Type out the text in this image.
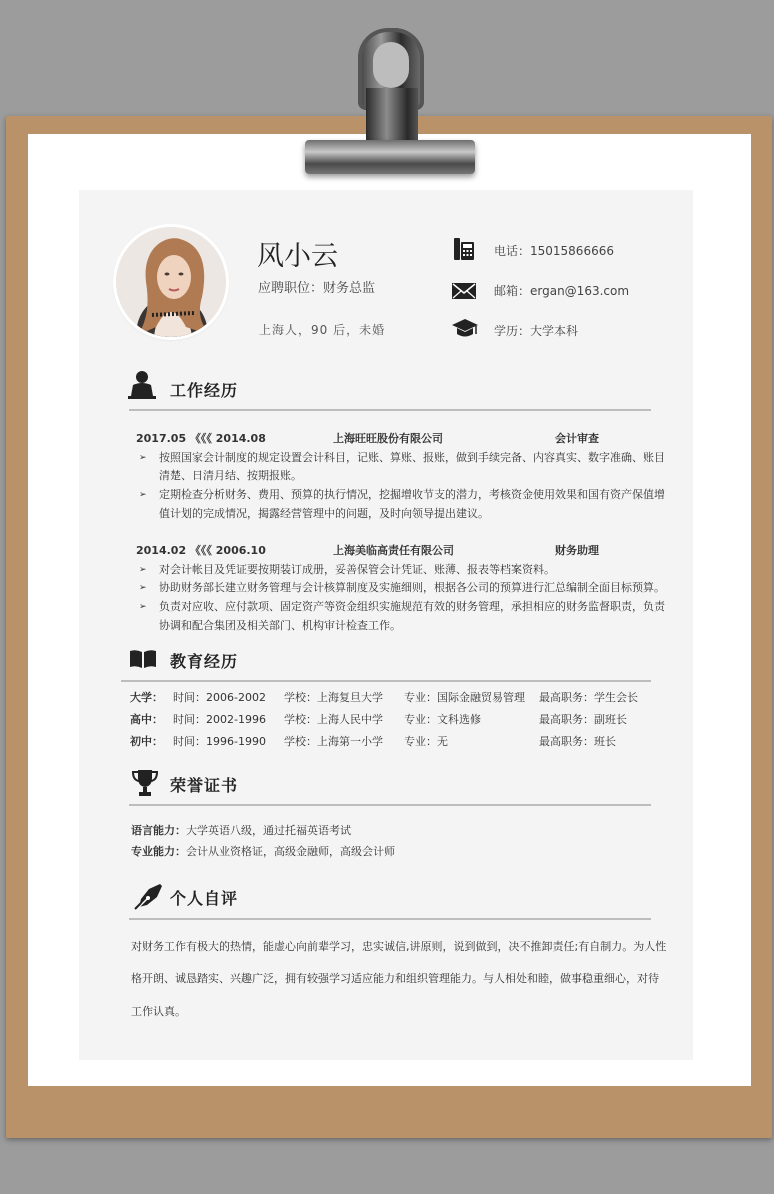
风小云
应聘职位：财务总监
上海人，90 后，未婚
电话：15015866666
邮箱：ergan@163.com
学历：大学本科
工作经历
2017.05 《《《 2014.08	上海旺旺股份有限公司	会计审查
➢ 按照国家会计制度的规定设置会计科目，记账、算账、报账，做到手续完备、内容真实、数字准确、账目
清楚、日清月结、按期报账。
➢ 定期检查分析财务、费用、预算的执行情况，挖掘增收节支的潜力，考核资金使用效果和国有资产保值增
值计划的完成情况，揭露经营管理中的问题，及时向领导提出建议。
2014.02 《《《 2006.10	上海美临高责任有限公司	财务助理
➢ 对会计帐目及凭证要按期装订成册，妥善保管会计凭证、账薄、报表等档案资料。
➢ 协助财务部长建立财务管理与会计核算制度及实施细则，根据各公司的预算进行汇总编制全面目标预算。
➢ 负责对应收、应付款项、固定资产等资金组织实施规范有效的财务管理，承担相应的财务监督职责，负责
协调和配合集团及相关部门、机构审计检查工作。
教育经历
大学： 时间：2006-2002 学校：上海复旦大学 专业：国际金融贸易管理 最高职务：学生会长
高中： 时间：2002-1996 学校：上海人民中学 专业：文科选修	最高职务：副班长
初中： 时间：1996-1990 学校：上海第一小学 专业：无	最高职务：班长
荣誉证书
语言能力：大学英语八级，通过托福英语考试
专业能力：会计从业资格证，高级金融师，高级会计师
个人自评
对财务工作有极大的热情，能虚心向前辈学习，忠实诚信,讲原则，说到做到，决不推卸责任;有自制力。为人性
格开朗、诚恳踏实、兴趣广泛，拥有较强学习适应能力和组织管理能力。与人相处和睦，做事稳重细心，对待
工作认真。
